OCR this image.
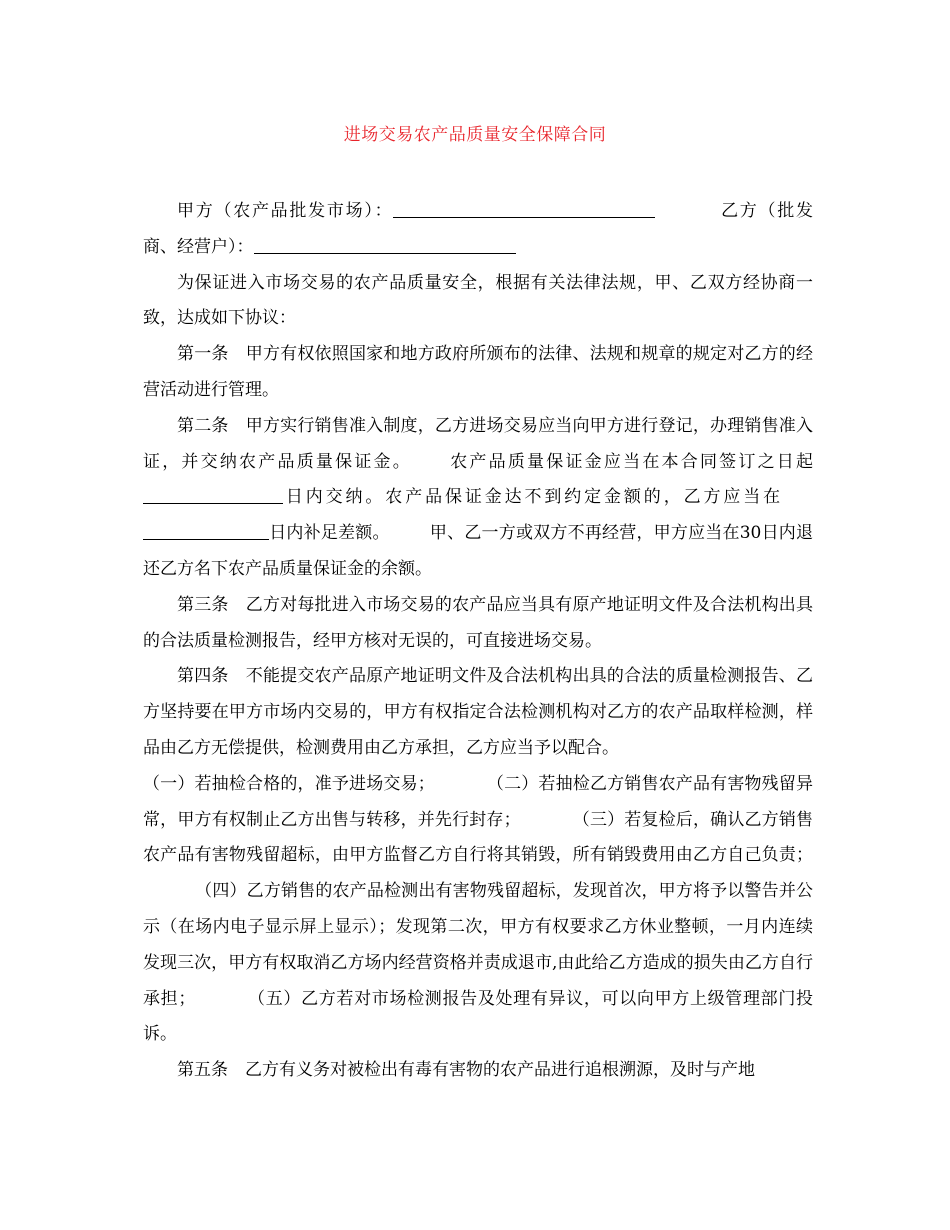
进场交易农产品质量安全保障合同

甲方（农产品批发市场）：	乙方（批发商、经营户）：

为保证进入市场交易的农产品质量安全，根据有关法律法规，甲、乙双方经协商一致，达成如下协议：

第一条　甲方有权依照国家和地方政府所颁布的法律、法规和规章的规定对乙方的经营活动进行管理。

第二条　甲方实行销售准入制度，乙方进场交易应当向甲方进行登记，办理销售准入证，并交纳农产品质量保证金。 农产品质量保证金应当在本合同签订之日起日内交纳。农产品保证金达不到约定金额的，乙方应当在日内补足差额。 甲、乙一方或双方不再经营，甲方应当在30日内退还乙方名下农产品质量保证金的余额。

第三条　乙方对每批进入市场交易的农产品应当具有原产地证明文件及合法机构出具的合法质量检测报告，经甲方核对无误的，可直接进场交易。

第四条　不能提交农产品原产地证明文件及合法机构出具的合法的质量检测报告、乙方坚持要在甲方市场内交易的，甲方有权指定合法检测机构对乙方的农产品取样检测，样品由乙方无偿提供，检测费用由乙方承担，乙方应当予以配合。

（一）若抽检合格的，准予进场交易；	（二）若抽检乙方销售农产品有害物残留异常，甲方有权制止乙方出售与转移，并先行封存；	（三）若复检后，确认乙方销售农产品有害物残留超标，由甲方监督乙方自行将其销毁，所有销毁费用由乙方自己负责；（四）乙方销售的农产品检测出有害物残留超标，发现首次，甲方将予以警告并公示（在场内电子显示屏上显示）；发现第二次，甲方有权要求乙方休业整顿，一月内连续发现三次，甲方有权取消乙方场内经营资格并责成退市,由此给乙方造成的损失由乙方自行承担；	（五）乙方若对市场检测报告及处理有异议，可以向甲方上级管理部门投诉。

第五条　乙方有义务对被检出有毒有害物的农产品进行追根溯源，及时与产地
